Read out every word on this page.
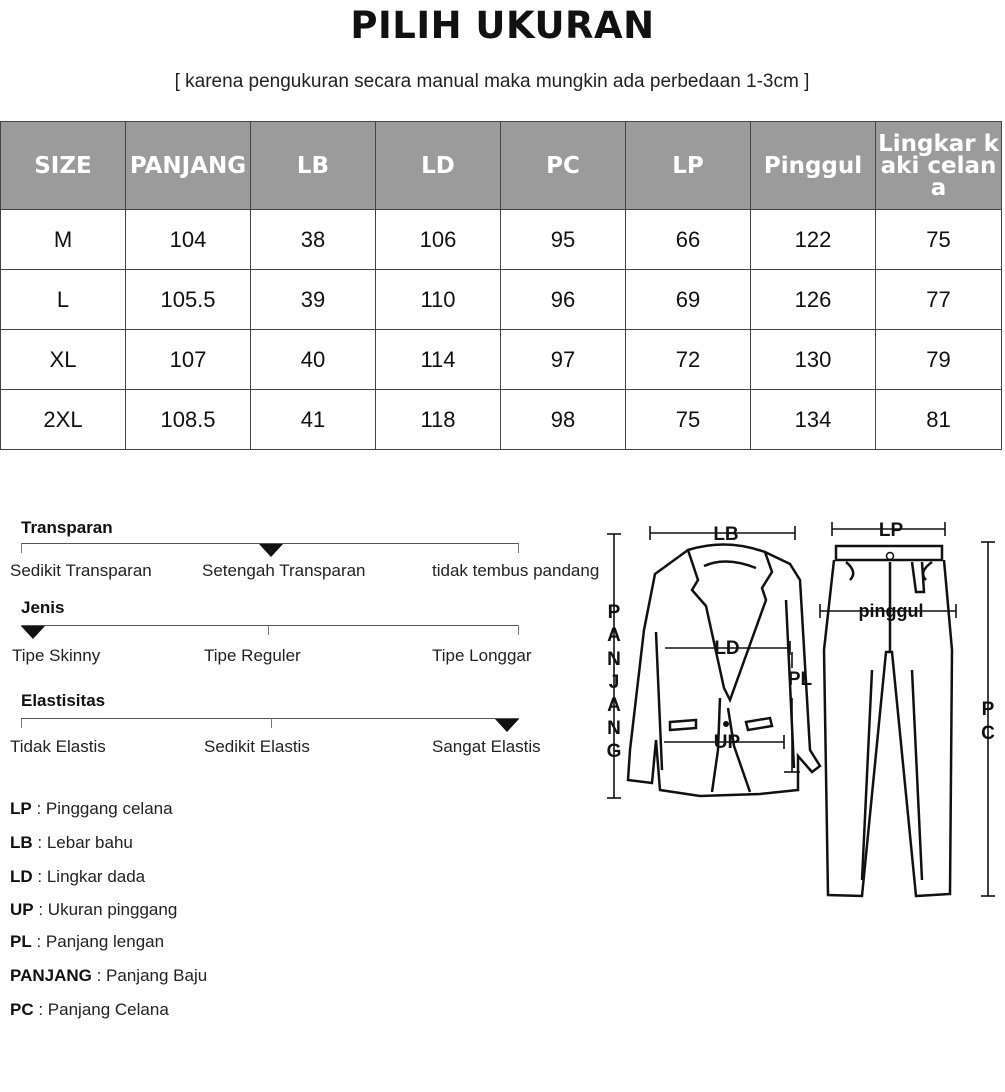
PILIH UKURAN
[ karena pengukuran secara manual maka mungkin ada perbedaan 1-3cm ]
SIZE	PANJANG	LB	LD	PC	LP	Pinggul	Lingkar kaki celana
M	104	38	106	95	66	122	75
L	105.5	39	110	96	69	126	77
XL	107	40	114	97	72	130	79
2XL	108.5	41	118	98	75	134	81
Transparan
Sedikit Transparan	Setengah Transparan	tidak tembus pandang
Jenis
Tipe Skinny	Tipe Reguler	Tipe Longgar
Elastisitas
Tidak Elastis	Sedikit Elastis	Sangat Elastis
LP : Pinggang celana
LB : Lebar bahu
LD : Lingkar dada
UP : Ukuran pinggang
PL : Panjang lengan
PANJANG : Panjang Baju
PC : Panjang Celana
LB	LP
LD
PL
UP
pinggul
P
A
N
J
A
N
G
P
C
